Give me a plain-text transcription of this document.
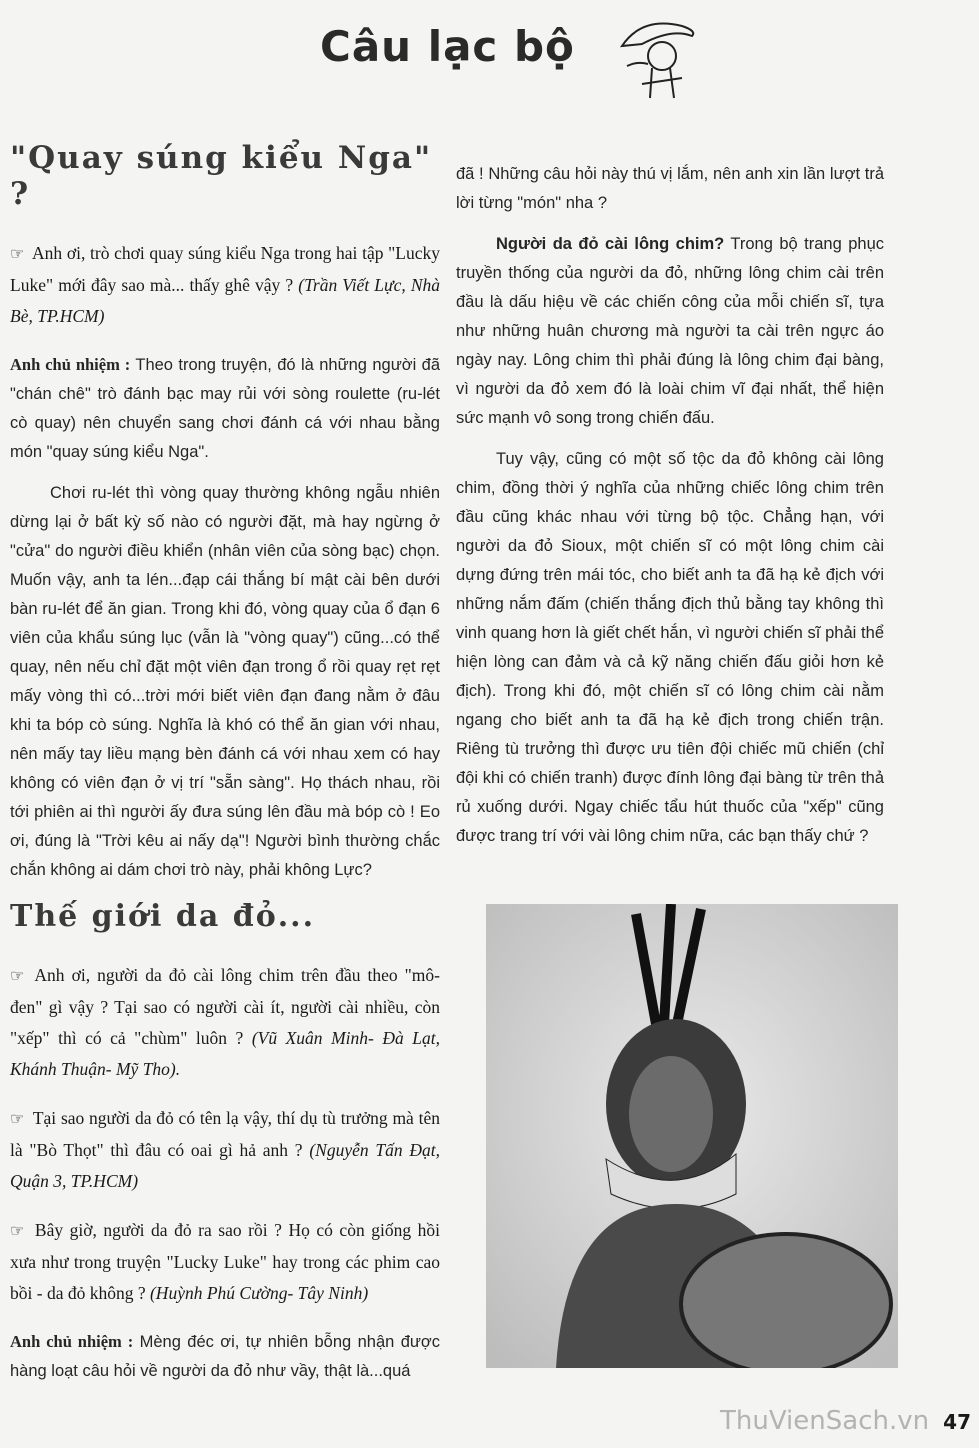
Câu lạc bộ
"Quay súng kiểu Nga" ?

☞ Anh ơi, trò chơi quay súng kiểu Nga trong hai tập "Lucky Luke" mới đây sao mà... thấy ghê vậy ? (Trần Viết Lực, Nhà Bè, TP.HCM)

Anh chủ nhiệm : Theo trong truyện, đó là những người đã "chán chê" trò đánh bạc may rủi với sòng roulette (ru-lét cò quay) nên chuyển sang chơi đánh cá với nhau bằng món "quay súng kiểu Nga".

Chơi ru-lét thì vòng quay thường không ngẫu nhiên dừng lại ở bất kỳ số nào có người đặt, mà hay ngừng ở "cửa" do người điều khiển (nhân viên của sòng bạc) chọn. Muốn vậy, anh ta lén...đạp cái thắng bí mật cài bên dưới bàn ru-lét để ăn gian. Trong khi đó, vòng quay của ổ đạn 6 viên của khẩu súng lục (vẫn là "vòng quay") cũng...có thể quay, nên nếu chỉ đặt một viên đạn trong ổ rồi quay rẹt rẹt mấy vòng thì có...trời mới biết viên đạn đang nằm ở đâu khi ta bóp cò súng. Nghĩa là khó có thể ăn gian với nhau, nên mấy tay liều mạng bèn đánh cá với nhau xem có hay không có viên đạn ở vị trí "sẵn sàng". Họ thách nhau, rồi tới phiên ai thì người ấy đưa súng lên đầu mà bóp cò ! Eo ơi, đúng là "Trời kêu ai nấy dạ"! Người bình thường chắc chắn không ai dám chơi trò này, phải không Lực?

Thế giới da đỏ...

☞ Anh ơi, người da đỏ cài lông chim trên đầu theo "mô-đen" gì vậy ? Tại sao có người cài ít, người cài nhiều, còn "xếp" thì có cả "chùm" luôn ? (Vũ Xuân Minh- Đà Lạt, Khánh Thuận- Mỹ Tho).

☞ Tại sao người da đỏ có tên lạ vậy, thí dụ tù trưởng mà tên là "Bò Thọt" thì đâu có oai gì hả anh ? (Nguyễn Tấn Đạt, Quận 3, TP.HCM)

☞ Bây giờ, người da đỏ ra sao rồi ? Họ có còn giống hồi xưa như trong truyện "Lucky Luke" hay trong các phim cao bồi - da đỏ không ? (Huỳnh Phú Cường- Tây Ninh)

Anh chủ nhiệm : Mèng đéc ơi, tự nhiên bỗng nhận được hàng loạt câu hỏi về người da đỏ như vầy, thật là...quá

đã ! Những câu hỏi này thú vị lắm, nên anh xin lần lượt trả lời từng "món" nha ?

Người da đỏ cài lông chim? Trong bộ trang phục truyền thống của người da đỏ, những lông chim cài trên đầu là dấu hiệu về các chiến công của mỗi chiến sĩ, tựa như những huân chương mà người ta cài trên ngực áo ngày nay. Lông chim thì phải đúng là lông chim đại bàng, vì người da đỏ xem đó là loài chim vĩ đại nhất, thể hiện sức mạnh vô song trong chiến đấu.

Tuy vậy, cũng có một số tộc da đỏ không cài lông chim, đồng thời ý nghĩa của những chiếc lông chim trên đầu cũng khác nhau với từng bộ tộc. Chẳng hạn, với người da đỏ Sioux, một chiến sĩ có một lông chim cài dựng đứng trên mái tóc, cho biết anh ta đã hạ kẻ địch với những nắm đấm (chiến thắng địch thủ bằng tay không thì vinh quang hơn là giết chết hắn, vì người chiến sĩ phải thể hiện lòng can đảm và cả kỹ năng chiến đấu giỏi hơn kẻ địch). Trong khi đó, một chiến sĩ có lông chim cài nằm ngang cho biết anh ta đã hạ kẻ địch trong chiến trận. Riêng tù trưởng thì được ưu tiên đội chiếc mũ chiến (chỉ đội khi có chiến tranh) được đính lông đại bàng từ trên thả rủ xuống dưới. Ngay chiếc tẩu hút thuốc của "xếp" cũng được trang trí với vài lông chim nữa, các bạn thấy chứ ?

ThuVienSach.vn 47
